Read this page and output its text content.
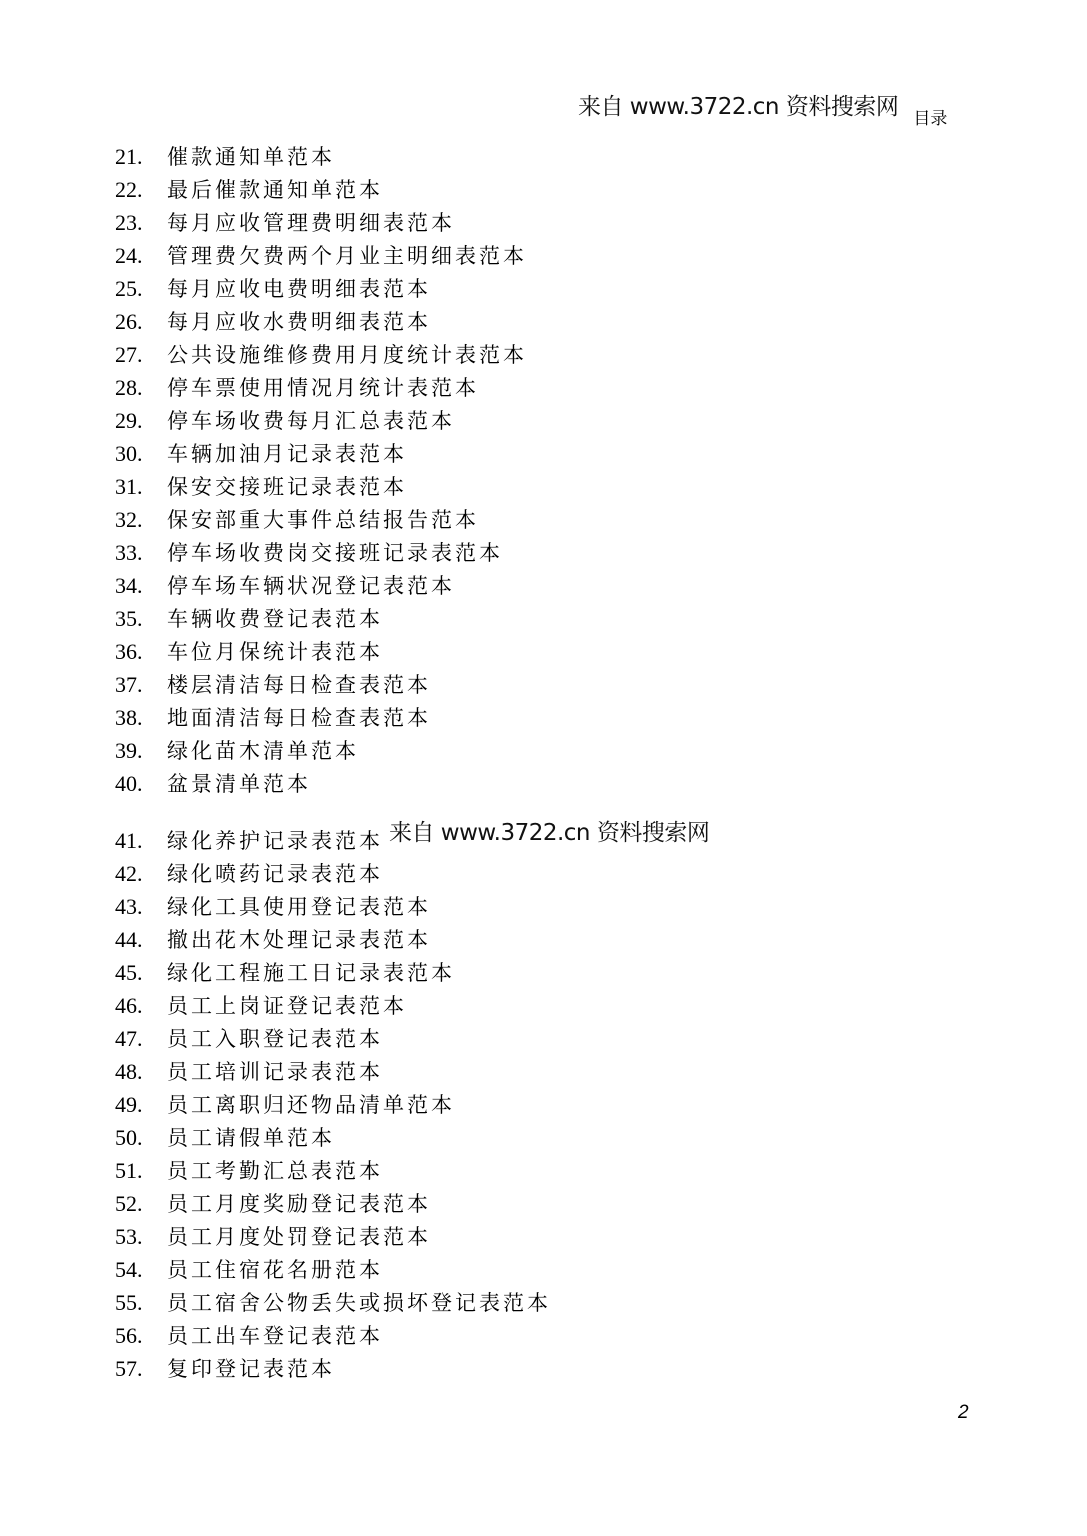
来自 www.3722.cn 资料搜索网 目录
21. 催款通知单范本
22. 最后催款通知单范本
23. 每月应收管理费明细表范本
24. 管理费欠费两个月业主明细表范本
25. 每月应收电费明细表范本
26. 每月应收水费明细表范本
27. 公共设施维修费用月度统计表范本
28. 停车票使用情况月统计表范本
29. 停车场收费每月汇总表范本
30. 车辆加油月记录表范本
31. 保安交接班记录表范本
32. 保安部重大事件总结报告范本
33. 停车场收费岗交接班记录表范本
34. 停车场车辆状况登记表范本
35. 车辆收费登记表范本
36. 车位月保统计表范本
37. 楼层清洁每日检查表范本
38. 地面清洁每日检查表范本
39. 绿化苗木清单范本
40. 盆景清单范本
41. 绿化养护记录表范本 来自 www.3722.cn 资料搜索网
42. 绿化喷药记录表范本
43. 绿化工具使用登记表范本
44. 撤出花木处理记录表范本
45. 绿化工程施工日记录表范本
46. 员工上岗证登记表范本
47. 员工入职登记表范本
48. 员工培训记录表范本
49. 员工离职归还物品清单范本
50. 员工请假单范本
51. 员工考勤汇总表范本
52. 员工月度奖励登记表范本
53. 员工月度处罚登记表范本
54. 员工住宿花名册范本
55. 员工宿舍公物丢失或损坏登记表范本
56. 员工出车登记表范本
57. 复印登记表范本
2
